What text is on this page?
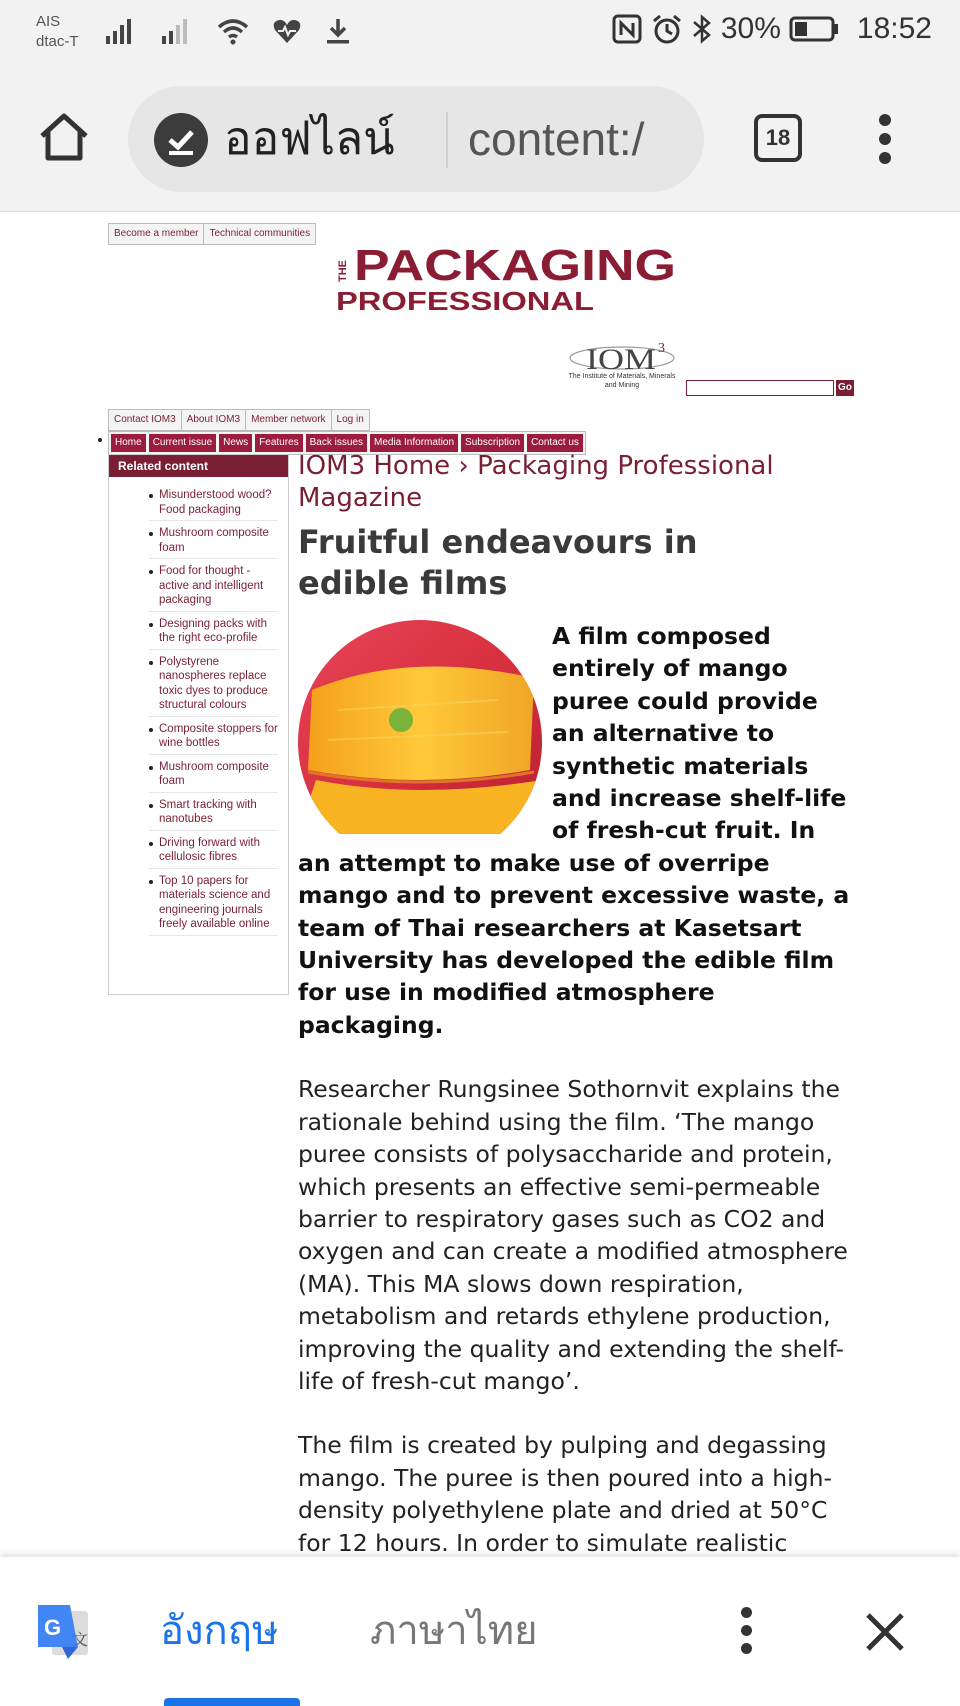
AIS
dtac-T	30%	18:52
ออฟไลน์ content:/	18
Become a member	Technical communities
THE PACKAGING
PROFESSIONAL
IOM 3
The Institute of Materials, Minerals and Mining	Go
Contact IOM3	About IOM3	Member network	Log in
Home	Current issue	News	Features	Back issues	Media Information	Subscription	Contact us
Related content
Misunderstood wood? Food packaging
Mushroom composite foam
Food for thought - active and intelligent packaging
Designing packs with the right eco-profile
Polystyrene nanospheres replace toxic dyes to produce structural colours
Composite stoppers for wine bottles
Mushroom composite foam
Smart tracking with nanotubes
Driving forward with cellulosic fibres
Top 10 papers for materials science and engineering journals freely available online
IOM3 Home › Packaging Professional Magazine
Fruitful endeavours in edible films

A film composed entirely of mango puree could provide an alternative to synthetic materials and increase shelf-life of fresh-cut fruit. In an attempt to make use of overripe mango and to prevent excessive waste, a team of Thai researchers at Kasetsart University has developed the edible film for use in modified atmosphere packaging.

Researcher Rungsinee Sothornvit explains the rationale behind using the film. ‘The mango puree consists of polysaccharide and protein, which presents an effective semi-permeable barrier to respiratory gases such as CO2 and oxygen and can create a modified atmosphere (MA). This MA slows down respiration, metabolism and retards ethylene production, improving the quality and extending the shelf-life of fresh-cut mango’.

The film is created by pulping and degassing mango. The puree is then poured into a high-density polyethylene plate and dried at 50°C for 12 hours. In order to simulate realistic

G 文 อังกฤษ ภาษาไทย
